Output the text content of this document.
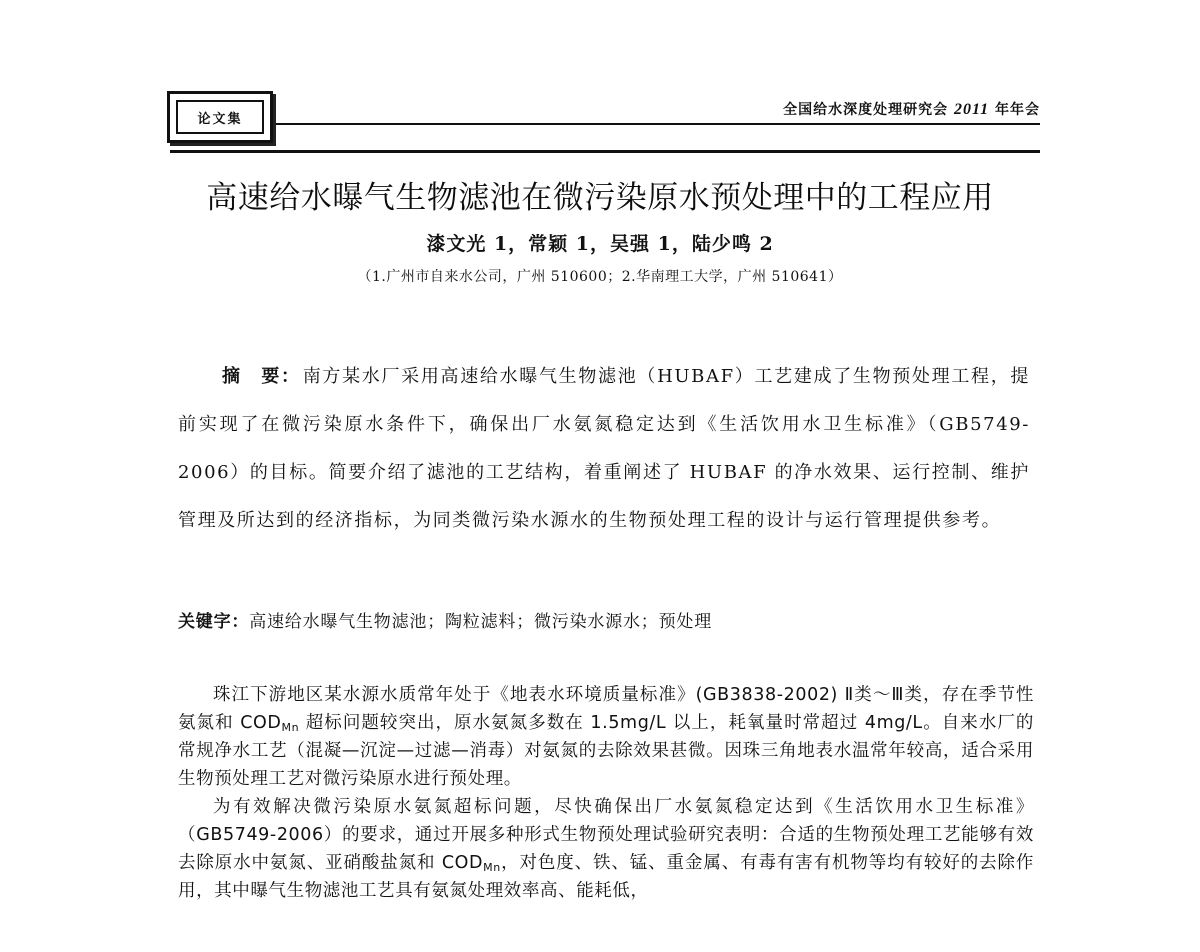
论文集
全国给水深度处理研究会 2011 年年会
高速给水曝气生物滤池在微污染原水预处理中的工程应用
漆文光 1，常颖 1，吴强 1，陆少鸣 2
（1.广州市自来水公司，广州 510600；2.华南理工大学，广州 510641）
摘　要： 南方某水厂采用高速给水曝气生物滤池（HUBAF）工艺建成了生物预处理工程，提前实现了在微污染原水条件下，确保出厂水氨氮稳定达到《生活饮用水卫生标准》（GB5749-2006）的目标。简要介绍了滤池的工艺结构，着重阐述了 HUBAF 的净水效果、运行控制、维护管理及所达到的经济指标，为同类微污染水源水的生物预处理工程的设计与运行管理提供参考。
关键字：高速给水曝气生物滤池；陶粒滤料；微污染水源水；预处理

珠江下游地区某水源水质常年处于《地表水环境质量标准》(GB3838-2002) Ⅱ类～Ⅲ类，存在季节性氨氮和 $COD_{Mn}$ 超标问题较突出，原水氨氮多数在 1.5mg/L 以上，耗氧量时常超过 4mg/L。自来水厂的常规净水工艺（混凝—沉淀—过滤—消毒）对氨氮的去除效果甚微。因珠三角地表水温常年较高，适合采用生物预处理工艺对微污染原水进行预处理。

为有效解决微污染原水氨氮超标问题，尽快确保出厂水氨氮稳定达到《生活饮用水卫生标准》（GB5749-2006）的要求，通过开展多种形式生物预处理试验研究表明：合适的生物预处理工艺能够有效去除原水中氨氮、亚硝酸盐氮和 $COD_{Mn}$，对色度、铁、锰、重金属、有毒有害有机物等均有较好的去除作用，其中曝气生物滤池工艺具有氨氮处理效率高、能耗低，
